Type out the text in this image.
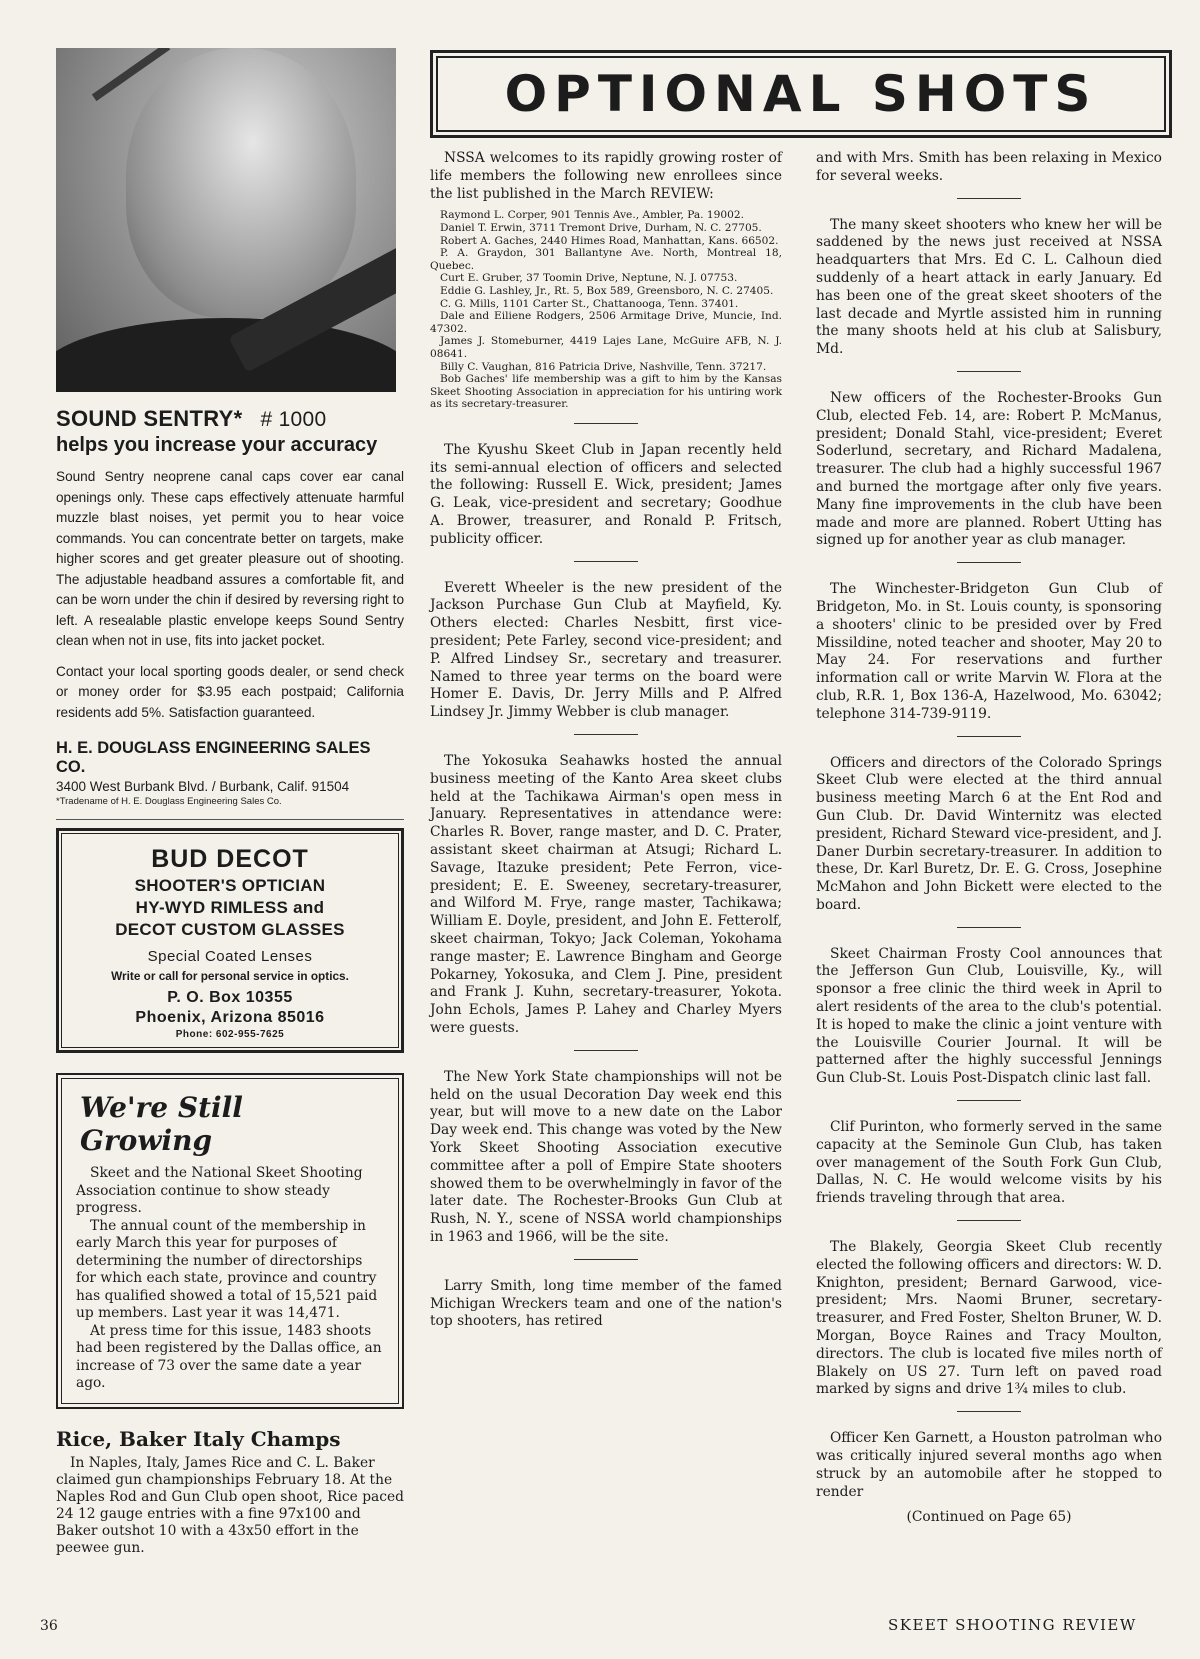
SOUND SENTRY* # 1000

helps you increase your accuracy

Sound Sentry neoprene canal caps cover ear canal openings only. These caps effectively attenuate harmful muzzle blast noises, yet permit you to hear voice commands. You can concentrate better on targets, make higher scores and get greater pleasure out of shooting. The adjustable headband assures a comfortable fit, and can be worn under the chin if desired by reversing right to left. A resealable plastic envelope keeps Sound Sentry clean when not in use, fits into jacket pocket.

Contact your local sporting goods dealer, or send check or money order for $3.95 each postpaid; California residents add 5%. Satisfaction guaranteed.

H. E. DOUGLASS ENGINEERING SALES CO.

3400 West Burbank Blvd. / Burbank, Calif. 91504

*Tradename of H. E. Douglass Engineering Sales Co.

BUD DECOT

SHOOTER'S OPTICIAN

HY-WYD RIMLESS and

DECOT CUSTOM GLASSES

Special Coated Lenses

Write or call for personal service in optics.

P. O. Box 10355

Phoenix, Arizona 85016

Phone: 602-955-7625

We're Still Growing

Skeet and the National Skeet Shooting Association continue to show steady progress.

The annual count of the membership in early March this year for purposes of determining the number of directorships for which each state, province and country has qualified showed a total of 15,521 paid up members. Last year it was 14,471.

At press time for this issue, 1483 shoots had been registered by the Dallas office, an increase of 73 over the same date a year ago.

Rice, Baker Italy Champs

In Naples, Italy, James Rice and C. L. Baker claimed gun championships February 18. At the Naples Rod and Gun Club open shoot, Rice paced 24 12 gauge entries with a fine 97x100 and Baker outshot 10 with a 43x50 effort in the peewee gun.

36

OPTIONAL SHOTS

NSSA welcomes to its rapidly growing roster of life members the following new enrollees since the list published in the March REVIEW:

Raymond L. Corper, 901 Tennis Ave., Ambler, Pa. 19002.

Daniel T. Erwin, 3711 Tremont Drive, Durham, N. C. 27705.

Robert A. Gaches, 2440 Himes Road, Manhattan, Kans. 66502.

P. A. Graydon, 301 Ballantyne Ave. North, Montreal 18, Quebec.

Curt E. Gruber, 37 Toomin Drive, Neptune, N. J. 07753.

Eddie G. Lashley, Jr., Rt. 5, Box 589, Greensboro, N. C. 27405.

C. G. Mills, 1101 Carter St., Chattanooga, Tenn. 37401.

Dale and Eiliene Rodgers, 2506 Armitage Drive, Muncie, Ind. 47302.

James J. Stomeburner, 4419 Lajes Lane, McGuire AFB, N. J. 08641.

Billy C. Vaughan, 816 Patricia Drive, Nashville, Tenn. 37217.

Bob Gaches' life membership was a gift to him by the Kansas Skeet Shooting Association in appreciation for his untiring work as its secretary-treasurer.

The Kyushu Skeet Club in Japan recently held its semi-annual election of officers and selected the following: Russell E. Wick, president; James G. Leak, vice-president and secretary; Goodhue A. Brower, treasurer, and Ronald P. Fritsch, publicity officer.

Everett Wheeler is the new president of the Jackson Purchase Gun Club at Mayfield, Ky. Others elected: Charles Nesbitt, first vice-president; Pete Farley, second vice-president; and P. Alfred Lindsey Sr., secretary and treasurer. Named to three year terms on the board were Homer E. Davis, Dr. Jerry Mills and P. Alfred Lindsey Jr. Jimmy Webber is club manager.

The Yokosuka Seahawks hosted the annual business meeting of the Kanto Area skeet clubs held at the Tachikawa Airman's open mess in January. Representatives in attendance were: Charles R. Bover, range master, and D. C. Prater, assistant skeet chairman at Atsugi; Richard L. Savage, Itazuke president; Pete Ferron, vice-president; E. E. Sweeney, secretary-treasurer, and Wilford M. Frye, range master, Tachikawa; William E. Doyle, president, and John E. Fetterolf, skeet chairman, Tokyo; Jack Coleman, Yokohama range master; E. Lawrence Bingham and George Pokarney, Yokosuka, and Clem J. Pine, president and Frank J. Kuhn, secretary-treasurer, Yokota. John Echols, James P. Lahey and Charley Myers were guests.

The New York State championships will not be held on the usual Decoration Day week end this year, but will move to a new date on the Labor Day week end. This change was voted by the New York Skeet Shooting Association executive committee after a poll of Empire State shooters showed them to be overwhelmingly in favor of the later date. The Rochester-Brooks Gun Club at Rush, N. Y., scene of NSSA world championships in 1963 and 1966, will be the site.

Larry Smith, long time member of the famed Michigan Wreckers team and one of the nation's top shooters, has retired

and with Mrs. Smith has been relaxing in Mexico for several weeks.

The many skeet shooters who knew her will be saddened by the news just received at NSSA headquarters that Mrs. Ed C. L. Calhoun died suddenly of a heart attack in early January. Ed has been one of the great skeet shooters of the last decade and Myrtle assisted him in running the many shoots held at his club at Salisbury, Md.

New officers of the Rochester-Brooks Gun Club, elected Feb. 14, are: Robert P. McManus, president; Donald Stahl, vice-president; Everet Soderlund, secretary, and Richard Madalena, treasurer. The club had a highly successful 1967 and burned the mortgage after only five years. Many fine improvements in the club have been made and more are planned. Robert Utting has signed up for another year as club manager.

The Winchester-Bridgeton Gun Club of Bridgeton, Mo. in St. Louis county, is sponsoring a shooters' clinic to be presided over by Fred Missildine, noted teacher and shooter, May 20 to May 24. For reservations and further information call or write Marvin W. Flora at the club, R.R. 1, Box 136-A, Hazelwood, Mo. 63042; telephone 314-739-9119.

Officers and directors of the Colorado Springs Skeet Club were elected at the third annual business meeting March 6 at the Ent Rod and Gun Club. Dr. David Winternitz was elected president, Richard Steward vice-president, and J. Daner Durbin secretary-treasurer. In addition to these, Dr. Karl Buretz, Dr. E. G. Cross, Josephine McMahon and John Bickett were elected to the board.

Skeet Chairman Frosty Cool announces that the Jefferson Gun Club, Louisville, Ky., will sponsor a free clinic the third week in April to alert residents of the area to the club's potential. It is hoped to make the clinic a joint venture with the Louisville Courier Journal. It will be patterned after the highly successful Jennings Gun Club-St. Louis Post-Dispatch clinic last fall.

Clif Purinton, who formerly served in the same capacity at the Seminole Gun Club, has taken over management of the South Fork Gun Club, Dallas, N. C. He would welcome visits by his friends traveling through that area.

The Blakely, Georgia Skeet Club recently elected the following officers and directors: W. D. Knighton, president; Bernard Garwood, vice-president; Mrs. Naomi Bruner, secretary-treasurer, and Fred Foster, Shelton Bruner, W. D. Morgan, Boyce Raines and Tracy Moulton, directors. The club is located five miles north of Blakely on US 27. Turn left on paved road marked by signs and drive 1¾ miles to club.

Officer Ken Garnett, a Houston patrolman who was critically injured several months ago when struck by an automobile after he stopped to render

(Continued on Page 65)

SKEET SHOOTING REVIEW
